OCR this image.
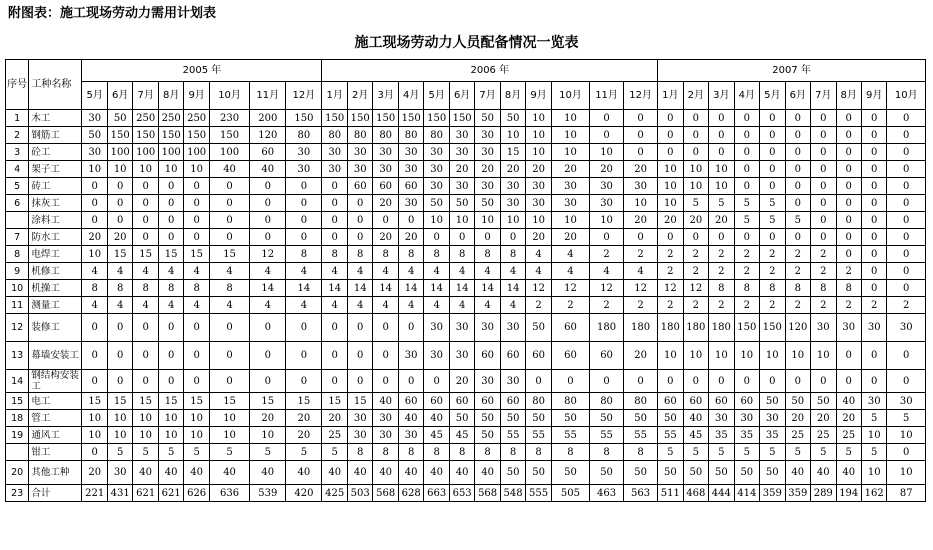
附图表：施工现场劳动力需用计划表
施工现场劳动力人员配备情况一览表
序号	工种名称	2005 年								2006 年												2007 年									
		5月	6月	7月	8月	9月	10月	11月	12月	1月	2月	3月	4月	5月	6月	7月	8月	9月	10月	11月	12月	1月	2月	3月	4月	5月	6月	7月	8月	9月	10月
1	木工	30	50	250	250	250	230	200	150	150	150	150	150	150	150	50	50	10	10	0	0	0	0	0	0	0	0	0	0	0	0
2	钢筋工	50	150	150	150	150	150	120	80	80	80	80	80	80	30	30	10	10	10	0	0	0	0	0	0	0	0	0	0	0	0
3	砼工	30	100	100	100	100	100	60	30	30	30	30	30	30	30	30	15	10	10	10	0	0	0	0	0	0	0	0	0	0	0
4	架子工	10	10	10	10	10	40	40	30	30	30	30	30	30	20	20	20	20	20	20	20	10	10	10	0	0	0	0	0	0	0
5	砖工	0	0	0	0	0	0	0	0	0	60	60	60	30	30	30	30	30	30	30	30	10	10	10	0	0	0	0	0	0	0
6	抹灰工	0	0	0	0	0	0	0	0	0	0	20	30	50	50	50	30	30	30	30	10	10	5	5	5	5	0	0	0	0	0
	涂料工	0	0	0	0	0	0	0	0	0	0	0	0	10	10	10	10	10	10	10	20	20	20	20	5	5	5	0	0	0	0
7	防水工	20	20	0	0	0	0	0	0	0	0	20	20	0	0	0	0	20	20	0	0	0	0	0	0	0	0	0	0	0	0
8	电焊工	10	15	15	15	15	15	12	8	8	8	8	8	8	8	8	8	4	4	2	2	2	2	2	2	2	2	2	0	0	0
9	机修工	4	4	4	4	4	4	4	4	4	4	4	4	4	4	4	4	4	4	4	4	2	2	2	2	2	2	2	2	0	0
10	机操工	8	8	8	8	8	8	14	14	14	14	14	14	14	14	14	14	12	12	12	12	12	12	8	8	8	8	8	8	0	0
11	测量工	4	4	4	4	4	4	4	4	4	4	4	4	4	4	4	4	2	2	2	2	2	2	2	2	2	2	2	2	2	2
12	装修工	0	0	0	0	0	0	0	0	0	0	0	0	30	30	30	30	50	60	180	180	180	180	180	150	150	120	30	30	30	30
13	幕墙安装工	0	0	0	0	0	0	0	0	0	0	0	30	30	30	60	60	60	60	60	20	10	10	10	10	10	10	10	0	0	0
14	钢结构安装工	0	0	0	0	0	0	0	0	0	0	0	0	0	20	30	30	0	0	0	0	0	0	0	0	0	0	0	0	0	0
15	电工	15	15	15	15	15	15	15	15	15	15	40	60	60	60	60	60	80	80	80	80	60	60	60	60	50	50	50	40	30	30
18	管工	10	10	10	10	10	10	20	20	20	30	30	40	40	50	50	50	50	50	50	50	50	40	30	30	30	20	20	20	5	5
19	通风工	10	10	10	10	10	10	10	20	25	30	30	30	45	45	50	55	55	55	55	55	55	45	35	35	35	25	25	25	10	10
	钳工	0	5	5	5	5	5	5	5	5	8	8	8	8	8	8	8	8	8	8	8	5	5	5	5	5	5	5	5	5	0
20	其他工种	20	30	40	40	40	40	40	40	40	40	40	40	40	40	40	50	50	50	50	50	50	50	50	50	50	40	40	40	10	10
23	合计	221	431	621	621	626	636	539	420	425	503	568	628	663	653	568	548	555	505	463	563	511	468	444	414	359	359	289	194	162	87
